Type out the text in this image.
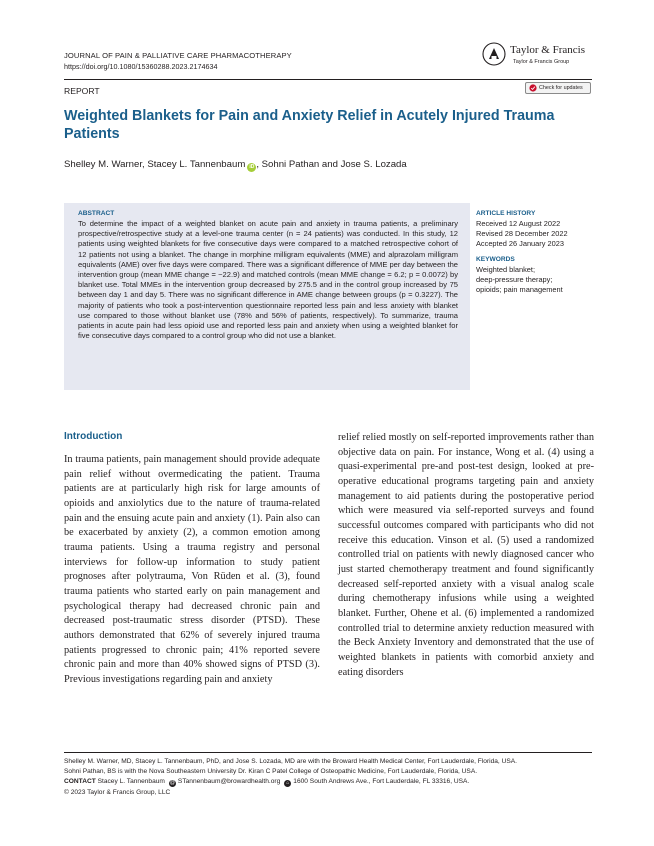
JOURNAL OF PAIN & PALLIATIVE CARE PHARMACOTHERAPY
https://doi.org/10.1080/15360288.2023.2174634
Taylor & Francis
Taylor & Francis Group
REPORT	Check for updates
Weighted Blankets for Pain and Anxiety Relief in Acutely Injured Trauma Patients
Shelley M. Warner, Stacey L. Tannenbaum iD , Sohni Pathan and Jose S. Lozada
ABSTRACT
To determine the impact of a weighted blanket on acute pain and anxiety in trauma patients, a preliminary prospective/retrospective study at a level-one trauma center (n = 24 patients) was conducted. In this study, 12 patients using weighted blankets for five consecutive days were compared to a matched retrospective cohort of 12 patients not using a blanket. The change in morphine milligram equivalents (MME) and alprazolam milligram equivalents (AME) over five days were compared. There was a significant difference of MME per day between the intervention group (mean MME change = −22.9) and matched controls (mean MME change = 6.2; p = 0.0072) by blanket use. Total MMEs in the intervention group decreased by 275.5 and in the control group increased by 75 between day 1 and day 5. There was no significant difference in AME change between groups (p = 0.3227). The majority of patients who took a post-intervention questionnaire reported less pain and less anxiety with blanket use compared to those without blanket use (78% and 56% of patients, respectively). To summarize, trauma patients in acute pain had less opioid use and reported less pain and anxiety when using a weighted blanket for five consecutive days compared to a control group who did not use a blanket.
ARTICLE HISTORY
Received 12 August 2022
Revised 28 December 2022
Accepted 26 January 2023
KEYWORDS
Weighted blanket;
deep-pressure therapy;
opioids; pain management
Introduction

In trauma patients, pain management should provide adequate pain relief without overmedicating the patient. Trauma patients are at particularly high risk for large amounts of opioids and anxiolytics due to the nature of trauma-related pain and the ensuing acute pain and anxiety (1). Pain also can be exacerbated by anxiety (2), a common emotion among trauma patients. Using a trauma registry and personal interviews for follow-up information to study patient prognoses after polytrauma, Von Rüden et al. (3), found trauma patients who started early on pain management and psychological therapy had decreased chronic pain and decreased post-traumatic stress disorder (PTSD). These authors demonstrated that 62% of severely injured trauma patients progressed to chronic pain; 41% reported severe chronic pain and more than 40% showed signs of PTSD (3). Previous investigations regarding pain and anxiety

relief relied mostly on self-reported improvements rather than objective data on pain. For instance, Wong et al. (4) using a quasi-experimental pre-and post-test design, looked at pre-operative educational programs targeting pain and anxiety management to aid patients during the postoperative period which were measured via self-reported surveys and found successful outcomes compared with participants who did not receive this education. Vinson et al. (5) used a randomized controlled trial on patients with newly diagnosed cancer who just started chemotherapy treatment and found significantly decreased self-reported anxiety with a visual analog scale during chemotherapy infusions while using a weighted blanket. Further, Ohene et al. (6) implemented a randomized controlled trial to determine anxiety reduction measured with the Beck Anxiety Inventory and demonstrated that the use of weighted blankets in patients with comorbid anxiety and eating disorders

Shelley M. Warner, MD, Stacey L. Tannenbaum, PhD, and Jose S. Lozada, MD are with the Broward Health Medical Center, Fort Lauderdale, Florida, USA.
Sohni Pathan, BS is with the Nova Southeastern University Dr. Kiran C Patel College of Osteopathic Medicine, Fort Lauderdale, Florida, USA.
CONTACT Stacey L. Tannenbaum @ STannenbaum@browardhealth.org ⌂ 1600 South Andrews Ave., Fort Lauderdale, FL 33316, USA.
© 2023 Taylor & Francis Group, LLC
